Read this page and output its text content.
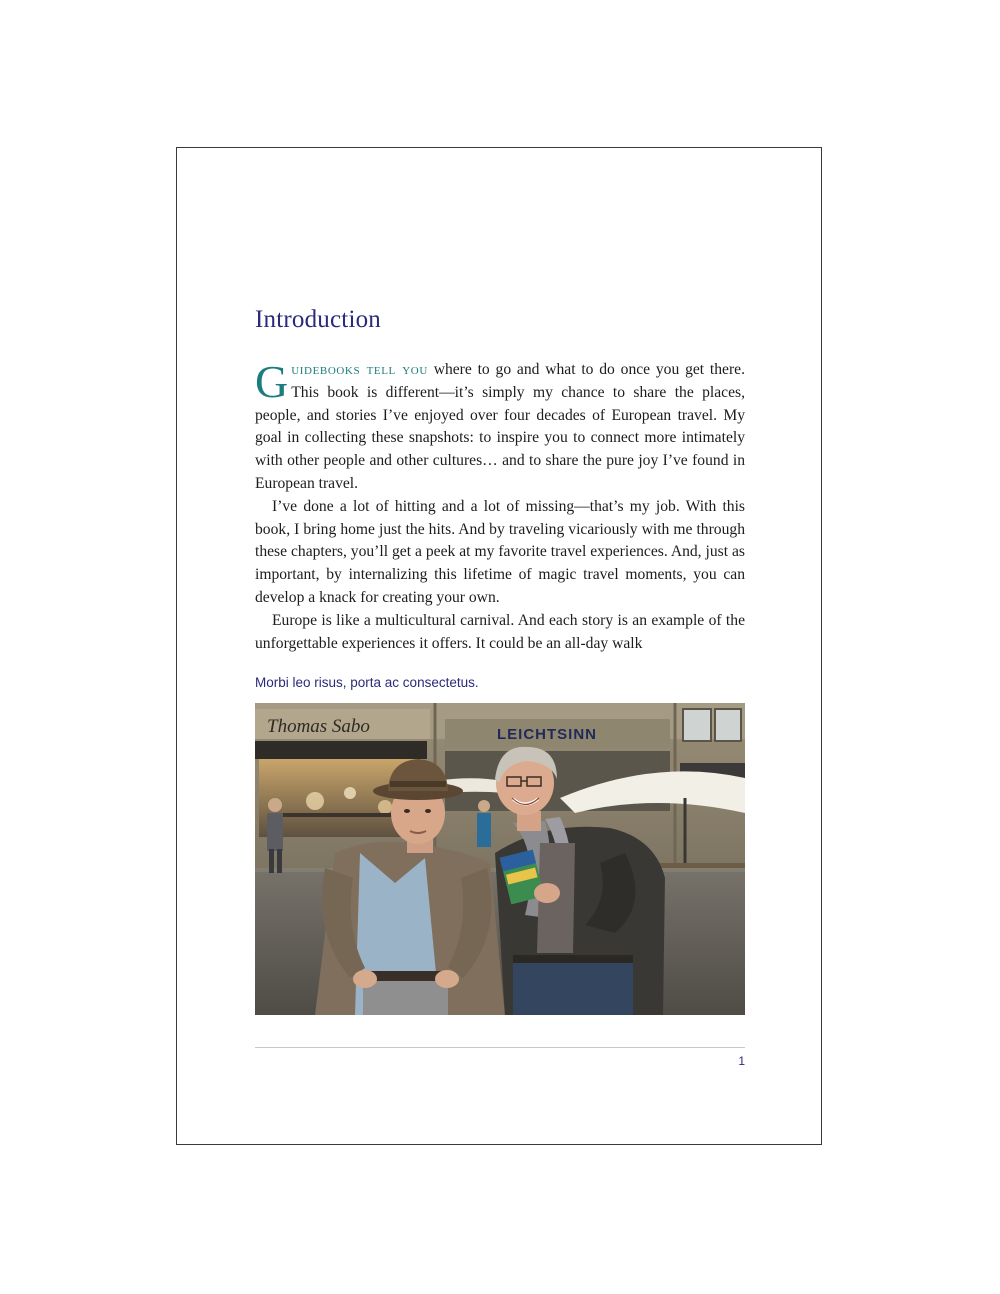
Introduction

Guidebooks tell you where to go and what to do once you get there. This book is different—it’s simply my chance to share the places, people, and stories I’ve enjoyed over four decades of European travel. My goal in collecting these snapshots: to inspire you to connect more intimately with other people and other cultures… and to share the pure joy I’ve found in European travel.

I’ve done a lot of hitting and a lot of missing—that’s my job. With this book, I bring home just the hits. And by traveling vicariously with me through these chapters, you’ll get a peek at my favorite travel experiences. And, just as important, by internalizing this lifetime of magic travel moments, you can develop a knack for creating your own.

Europe is like a multicultural carnival. And each story is an example of the unforgettable experiences it offers. It could be an all-day walk

Morbi leo risus, porta ac consectetus.
Thomas Sabo	LEICHTSINN
1
